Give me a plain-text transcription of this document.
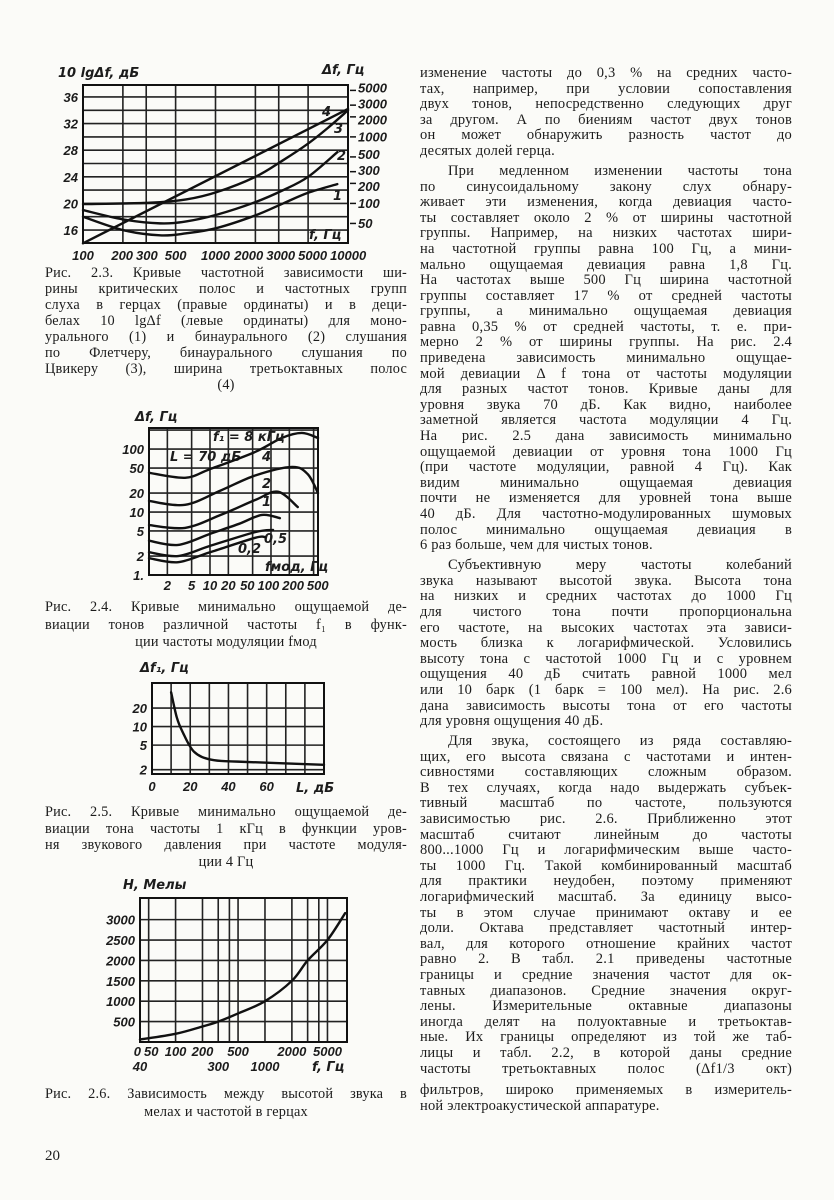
10 lgΔf, дБ	Δf, Гц
f, Гц
Δf, Гц
fмод, Гц
L = 70 дБ
Δf₁, Гц
L, дБ
H, Мелы
f, Гц
16
20
24
28
32
36
100 200 300 500 1000 2000 3000 5000 10000
50
100
200
300
500
1000
2000
3000
5000
1
2
3
4
1.
2
5
10
20
50
100
2 5 10 20 50 100 200 500
f₁ = 8 кГц
4
2
1
0,5
0,2
2
5
10
20
0 20 40 60
500
1000
1500
2000
2500
3000
0 50 100 200 500 2000 5000
40	300 1000
изменение частоты до 0,3 % на средних часто-
тах, например, при условии сопоставления
двух тонов, непосредственно следующих друг
за другом. А по биениям частот двух тонов
он может обнаружить разность частот до
десятых долей герца.
При медленном изменении частоты тона
по синусоидальному закону слух обнару-
живает эти изменения, когда девиация часто-
ты составляет около 2 % от ширины частотной
группы. Например, на низких частотах шири-
на частотной группы равна 100 Гц, а мини-
мально ощущаемая девиация равна 1,8 Гц.
На частотах выше 500 Гц ширина частотной
группы составляет 17 % от средней частоты
группы, а минимально ощущаемая девиация
равна 0,35 % от средней частоты, т. е. при-
мерно 2 % от ширины группы. На рис. 2.4
приведена зависимость минимально ощущае-
мой девиации Δ f тона от частоты модуляции
для разных частот тонов. Кривые даны для
уровня звука 70 дБ. Как видно, наиболее
заметной является частота модуляции 4 Гц.
На рис. 2.5 дана зависимость минимально
ощущаемой девиации от уровня тона 1000 Гц
(при частоте модуляции, равной 4 Гц). Как
видим минимально ощущаемая девиация
почти не изменяется для уровней тона выше
40 дБ. Для частотно-модулированных шумовых
полос минимально ощущаемая девиация в
6 раз больше, чем для чистых тонов.
Субъективную меру частоты колебаний
звука называют высотой звука. Высота тона
на низких и средних частотах до 1000 Гц
для чистого тона почти пропорциональна
его частоте, на высоких частотах эта зависи-
мость близка к логарифмической. Условились
высоту тона с частотой 1000 Гц и с уровнем
ощущения 40 дБ считать равной 1000 мел
или 10 барк (1 барк = 100 мел). На рис. 2.6
дана зависимость высоты тона от его частоты
для уровня ощущения 40 дБ.
Для звука, состоящего из ряда составляю-
щих, его высота связана с частотами и интен-
сивностями составляющих сложным образом.
В тех случаях, когда надо выдержать субъек-
тивный масштаб по частоте, пользуются
зависимостью рис. 2.6. Приближенно этот
масштаб считают линейным до частоты
800...1000 Гц и логарифмическим выше часто-
ты 1000 Гц. Такой комбинированный масштаб
для практики неудобен, поэтому применяют
логарифмический масштаб. За единицу высо-
ты в этом случае принимают октаву и ее
доли. Октава представляет частотный интер-
вал, для которого отношение крайних частот
равно 2. В табл. 2.1 приведены частотные
границы и средние значения частот для ок-
тавных диапазонов. Средние значения округ-
лены. Измерительные октавные диапазоны
иногда делят на полуоктавные и третьоктав-
ные. Их границы определяют из той же таб-
лицы и табл. 2.2, в которой даны средние
частоты третьоктавных полос (Δf1/3 окт)
фильтров, широко применяемых в измеритель-
ной электроакустической аппаратуре.
Рис. 2.3. Кривые частотной зависимости ши-
рины критических полос и частотных групп
слуха в герцах (правые ординаты) и в деци-
белах 10 lgΔf (левые ординаты) для моно-
урального (1) и бинаурального (2) слушания
по Флетчеру, бинаурального слушания по
Цвикеру (3), ширина третьоктавных полос
(4)
Рис. 2.4. Кривые минимально ощущаемой де-
виации тонов различной частоты f₁ в функ-
ции частоты модуляции fмод
Рис. 2.5. Кривые минимально ощущаемой де-
виации тона частоты 1 кГц в функции уров-
ня звукового давления при частоте модуля-
ции 4 Гц
Рис. 2.6. Зависимость между высотой звука в
мелах и частотой в герцах
20
